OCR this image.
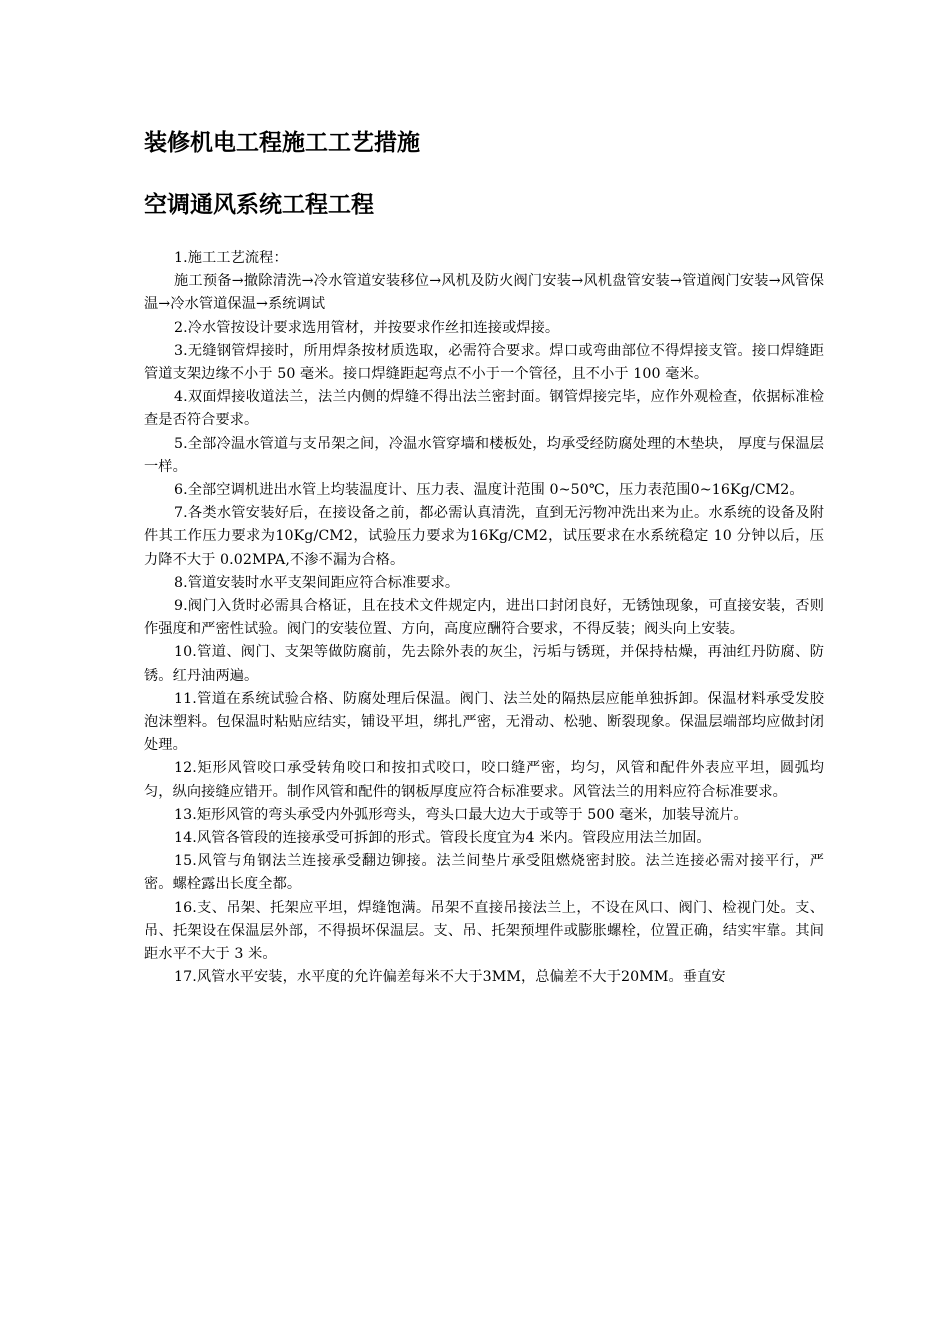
装修机电工程施工工艺措施
空调通风系统工程工程

1.施工工艺流程：

施工预备→撤除清洗→冷水管道安装移位→风机及防火阀门安装→风机盘管安装→管道阀门安装→风管保温→冷水管道保温→系统调试

2.冷水管按设计要求选用管材，并按要求作丝扣连接或焊接。

3.无缝钢管焊接时，所用焊条按材质选取，必需符合要求。焊口或弯曲部位不得焊接支管。接口焊缝距管道支架边缘不小于 50 毫米。接口焊缝距起弯点不小于一个管径，且不小于 100 毫米。

4.双面焊接收道法兰，法兰内侧的焊缝不得出法兰密封面。钢管焊接完毕，应作外观检查，依据标准检查是否符合要求。

5.全部冷温水管道与支吊架之间，冷温水管穿墙和楼板处，均承受经防腐处理的木垫块， 厚度与保温层一样。

6.全部空调机进出水管上均装温度计、压力表、温度计范围 0~50℃，压力表范围0~16Kg/CM2。

7.各类水管安装好后，在接设备之前，都必需认真清洗，直到无污物冲洗出来为止。水系统的设备及附件其工作压力要求为10Kg/CM2，试验压力要求为16Kg/CM2，试压要求在水系统稳定 10 分钟以后，压力降不大于 0.02MPA,不渗不漏为合格。

8.管道安装时水平支架间距应符合标准要求。

9.阀门入货时必需具合格证，且在技术文件规定内，进出口封闭良好，无锈蚀现象，可直接安装，否则作强度和严密性试验。阀门的安装位置、方向，高度应酬符合要求，不得反装；阀头向上安装。

10.管道、阀门、支架等做防腐前，先去除外表的灰尘，污垢与锈斑，并保持枯燥，再油红丹防腐、防锈。红丹油两遍。

11.管道在系统试验合格、防腐处理后保温。阀门、法兰处的隔热层应能单独拆卸。保温材料承受发胶泡沫塑料。包保温时粘贴应结实，铺设平坦，绑扎严密，无滑动、松驰、断裂现象。保温层端部均应做封闭处理。

12.矩形风管咬口承受转角咬口和按扣式咬口，咬口缝严密，均匀，风管和配件外表应平坦，圆弧均匀，纵向接缝应错开。制作风管和配件的钢板厚度应符合标准要求。风管法兰的用料应符合标准要求。

13.矩形风管的弯头承受内外弧形弯头，弯头口最大边大于或等于 500 毫米，加装导流片。

14.风管各管段的连接承受可拆卸的形式。管段长度宜为4 米内。管段应用法兰加固。

15.风管与角钢法兰连接承受翻边铆接。法兰间垫片承受阻燃烧密封胶。法兰连接必需对接平行，严密。螺栓露出长度全都。

16.支、吊架、托架应平坦，焊缝饱满。吊架不直接吊接法兰上，不设在风口、阀门、检视门处。支、吊、托架设在保温层外部，不得损坏保温层。支、吊、托架预埋件或膨胀螺栓，位置正确，结实牢靠。其间距水平不大于 3 米。

17.风管水平安装，水平度的允许偏差每米不大于3MM，总偏差不大于20MM。垂直安
